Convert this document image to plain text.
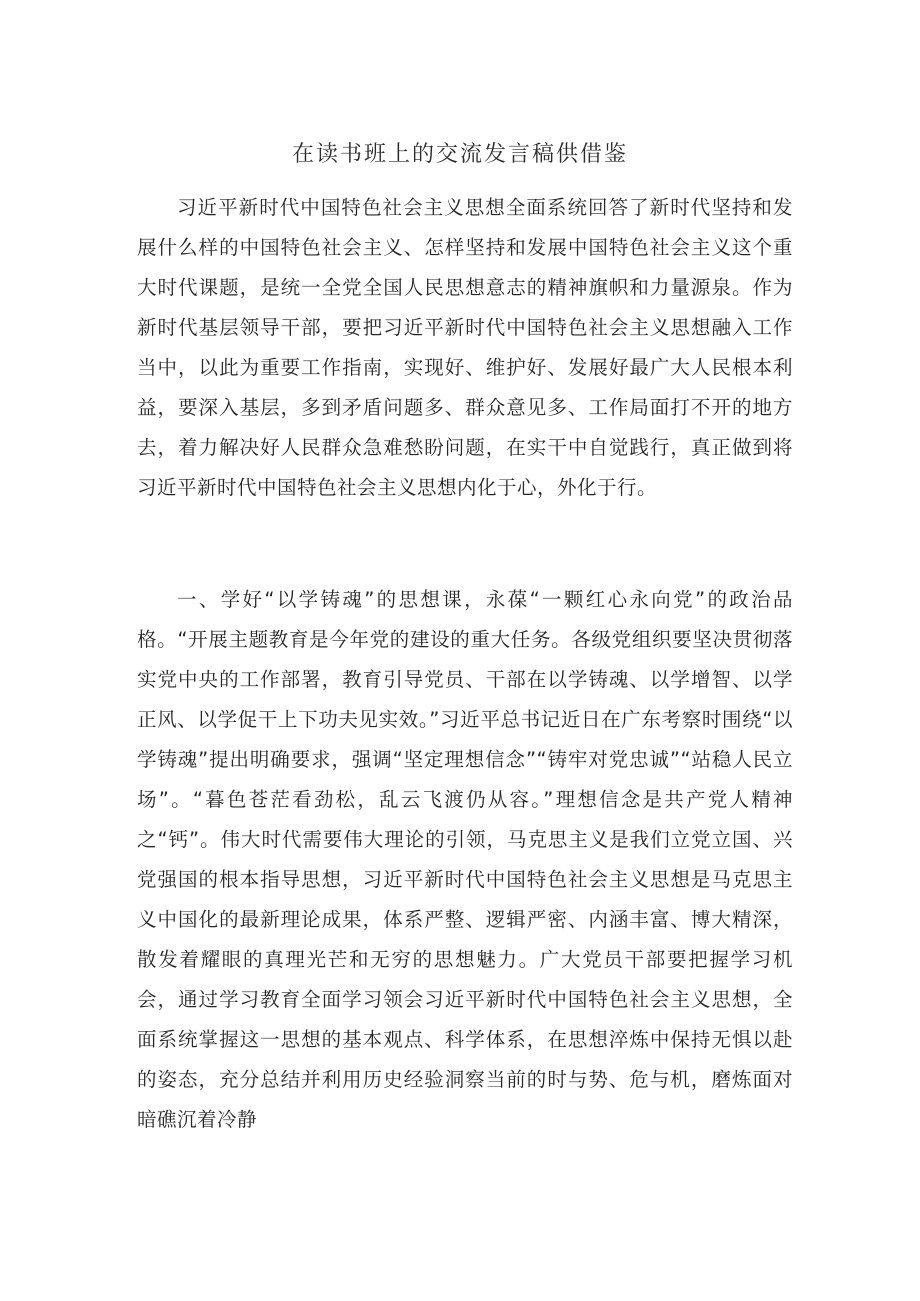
在读书班上的交流发言稿供借鉴

习近平新时代中国特色社会主义思想全面系统回答了新时代坚持和发展什么样的中国特色社会主义、怎样坚持和发展中国特色社会主义这个重大时代课题，是统一全党全国人民思想意志的精神旗帜和力量源泉。作为新时代基层领导干部，要把习近平新时代中国特色社会主义思想融入工作当中，以此为重要工作指南，实现好、维护好、发展好最广大人民根本利益，要深入基层，多到矛盾问题多、群众意见多、工作局面打不开的地方去，着力解决好人民群众急难愁盼问题，在实干中自觉践行，真正做到将习近平新时代中国特色社会主义思想内化于心，外化于行。

一、学好“以学铸魂”的思想课，永葆“一颗红心永向党”的政治品格。“开展主题教育是今年党的建设的重大任务。各级党组织要坚决贯彻落实党中央的工作部署，教育引导党员、干部在以学铸魂、以学增智、以学正风、以学促干上下功夫见实效。”习近平总书记近日在广东考察时围绕“以学铸魂”提出明确要求，强调“坚定理想信念”“铸牢对党忠诚”“站稳人民立场”。“暮色苍茫看劲松，乱云飞渡仍从容。”理想信念是共产党人精神之“钙”。伟大时代需要伟大理论的引领，马克思主义是我们立党立国、兴党强国的根本指导思想，习近平新时代中国特色社会主义思想是马克思主义中国化的最新理论成果，体系严整、逻辑严密、内涵丰富、博大精深，散发着耀眼的真理光芒和无穷的思想魅力。广大党员干部要把握学习机会，通过学习教育全面学习领会习近平新时代中国特色社会主义思想，全面系统掌握这一思想的基本观点、科学体系，在思想淬炼中保持无惧以赴的姿态，充分总结并利用历史经验洞察当前的时与势、危与机，磨炼面对暗礁沉着冷静
